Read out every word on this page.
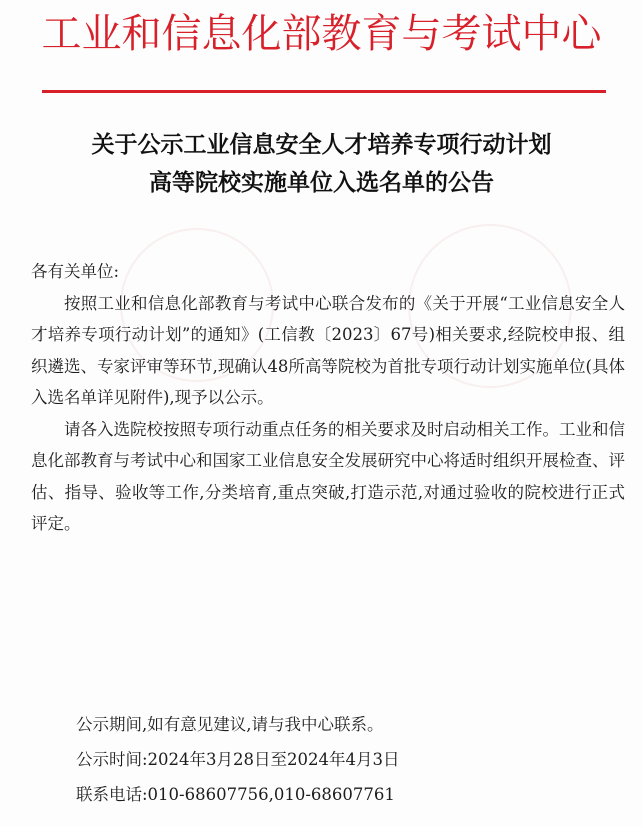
工业和信息化部教育与考试中心
关于公示工业信息安全人才培养专项行动计划
高等院校实施单位入选名单的公告

各有关单位:

按照工业和信息化部教育与考试中心联合发布的《关于开展“工业信息安全人才培养专项行动计划”的通知》(工信教〔2023〕67号)相关要求,经院校申报、组织遴选、专家评审等环节,现确认48所高等院校为首批专项行动计划实施单位(具体入选名单详见附件),现予以公示。

请各入选院校按照专项行动重点任务的相关要求及时启动相关工作。工业和信息化部教育与考试中心和国家工业信息安全发展研究中心将适时组织开展检查、评估、指导、验收等工作,分类培育,重点突破,打造示范,对通过验收的院校进行正式评定。

公示期间,如有意见建议,请与我中心联系。

公示时间:2024年3月28日至2024年4月3日

联系电话:010-68607756,010-68607761
